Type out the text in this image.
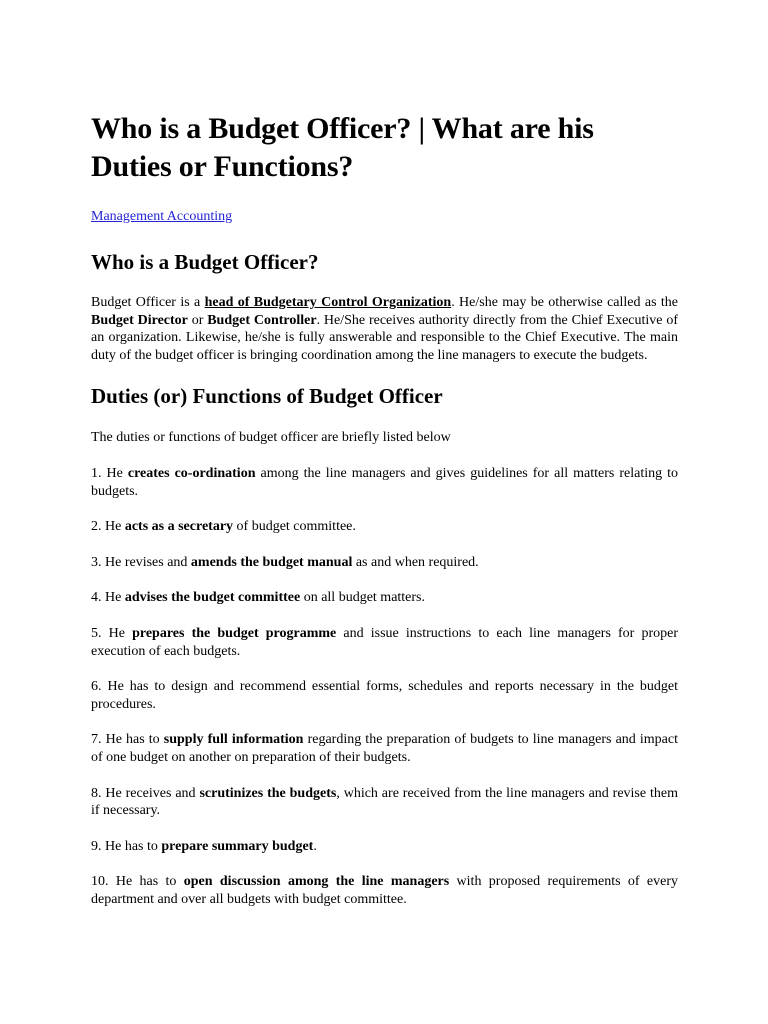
Who is a Budget Officer? | What are his Duties or Functions?
Management Accounting
Who is a Budget Officer?

Budget Officer is a head of Budgetary Control Organization. He/she may be otherwise called as the Budget Director or Budget Controller. He/She receives authority directly from the Chief Executive of an organization. Likewise, he/she is fully answerable and responsible to the Chief Executive. The main duty of the budget officer is bringing coordination among the line managers to execute the budgets.

Duties (or) Functions of Budget Officer

The duties or functions of budget officer are briefly listed below

1. He creates co-ordination among the line managers and gives guidelines for all matters relating to budgets.

2. He acts as a secretary of budget committee.

3. He revises and amends the budget manual as and when required.

4. He advises the budget committee on all budget matters.

5. He prepares the budget programme and issue instructions to each line managers for proper execution of each budgets.

6. He has to design and recommend essential forms, schedules and reports necessary in the budget procedures.

7. He has to supply full information regarding the preparation of budgets to line managers and impact of one budget on another on preparation of their budgets.

8. He receives and scrutinizes the budgets, which are received from the line managers and revise them if necessary.

9. He has to prepare summary budget.

10. He has to open discussion among the line managers with proposed requirements of every department and over all budgets with budget committee.
